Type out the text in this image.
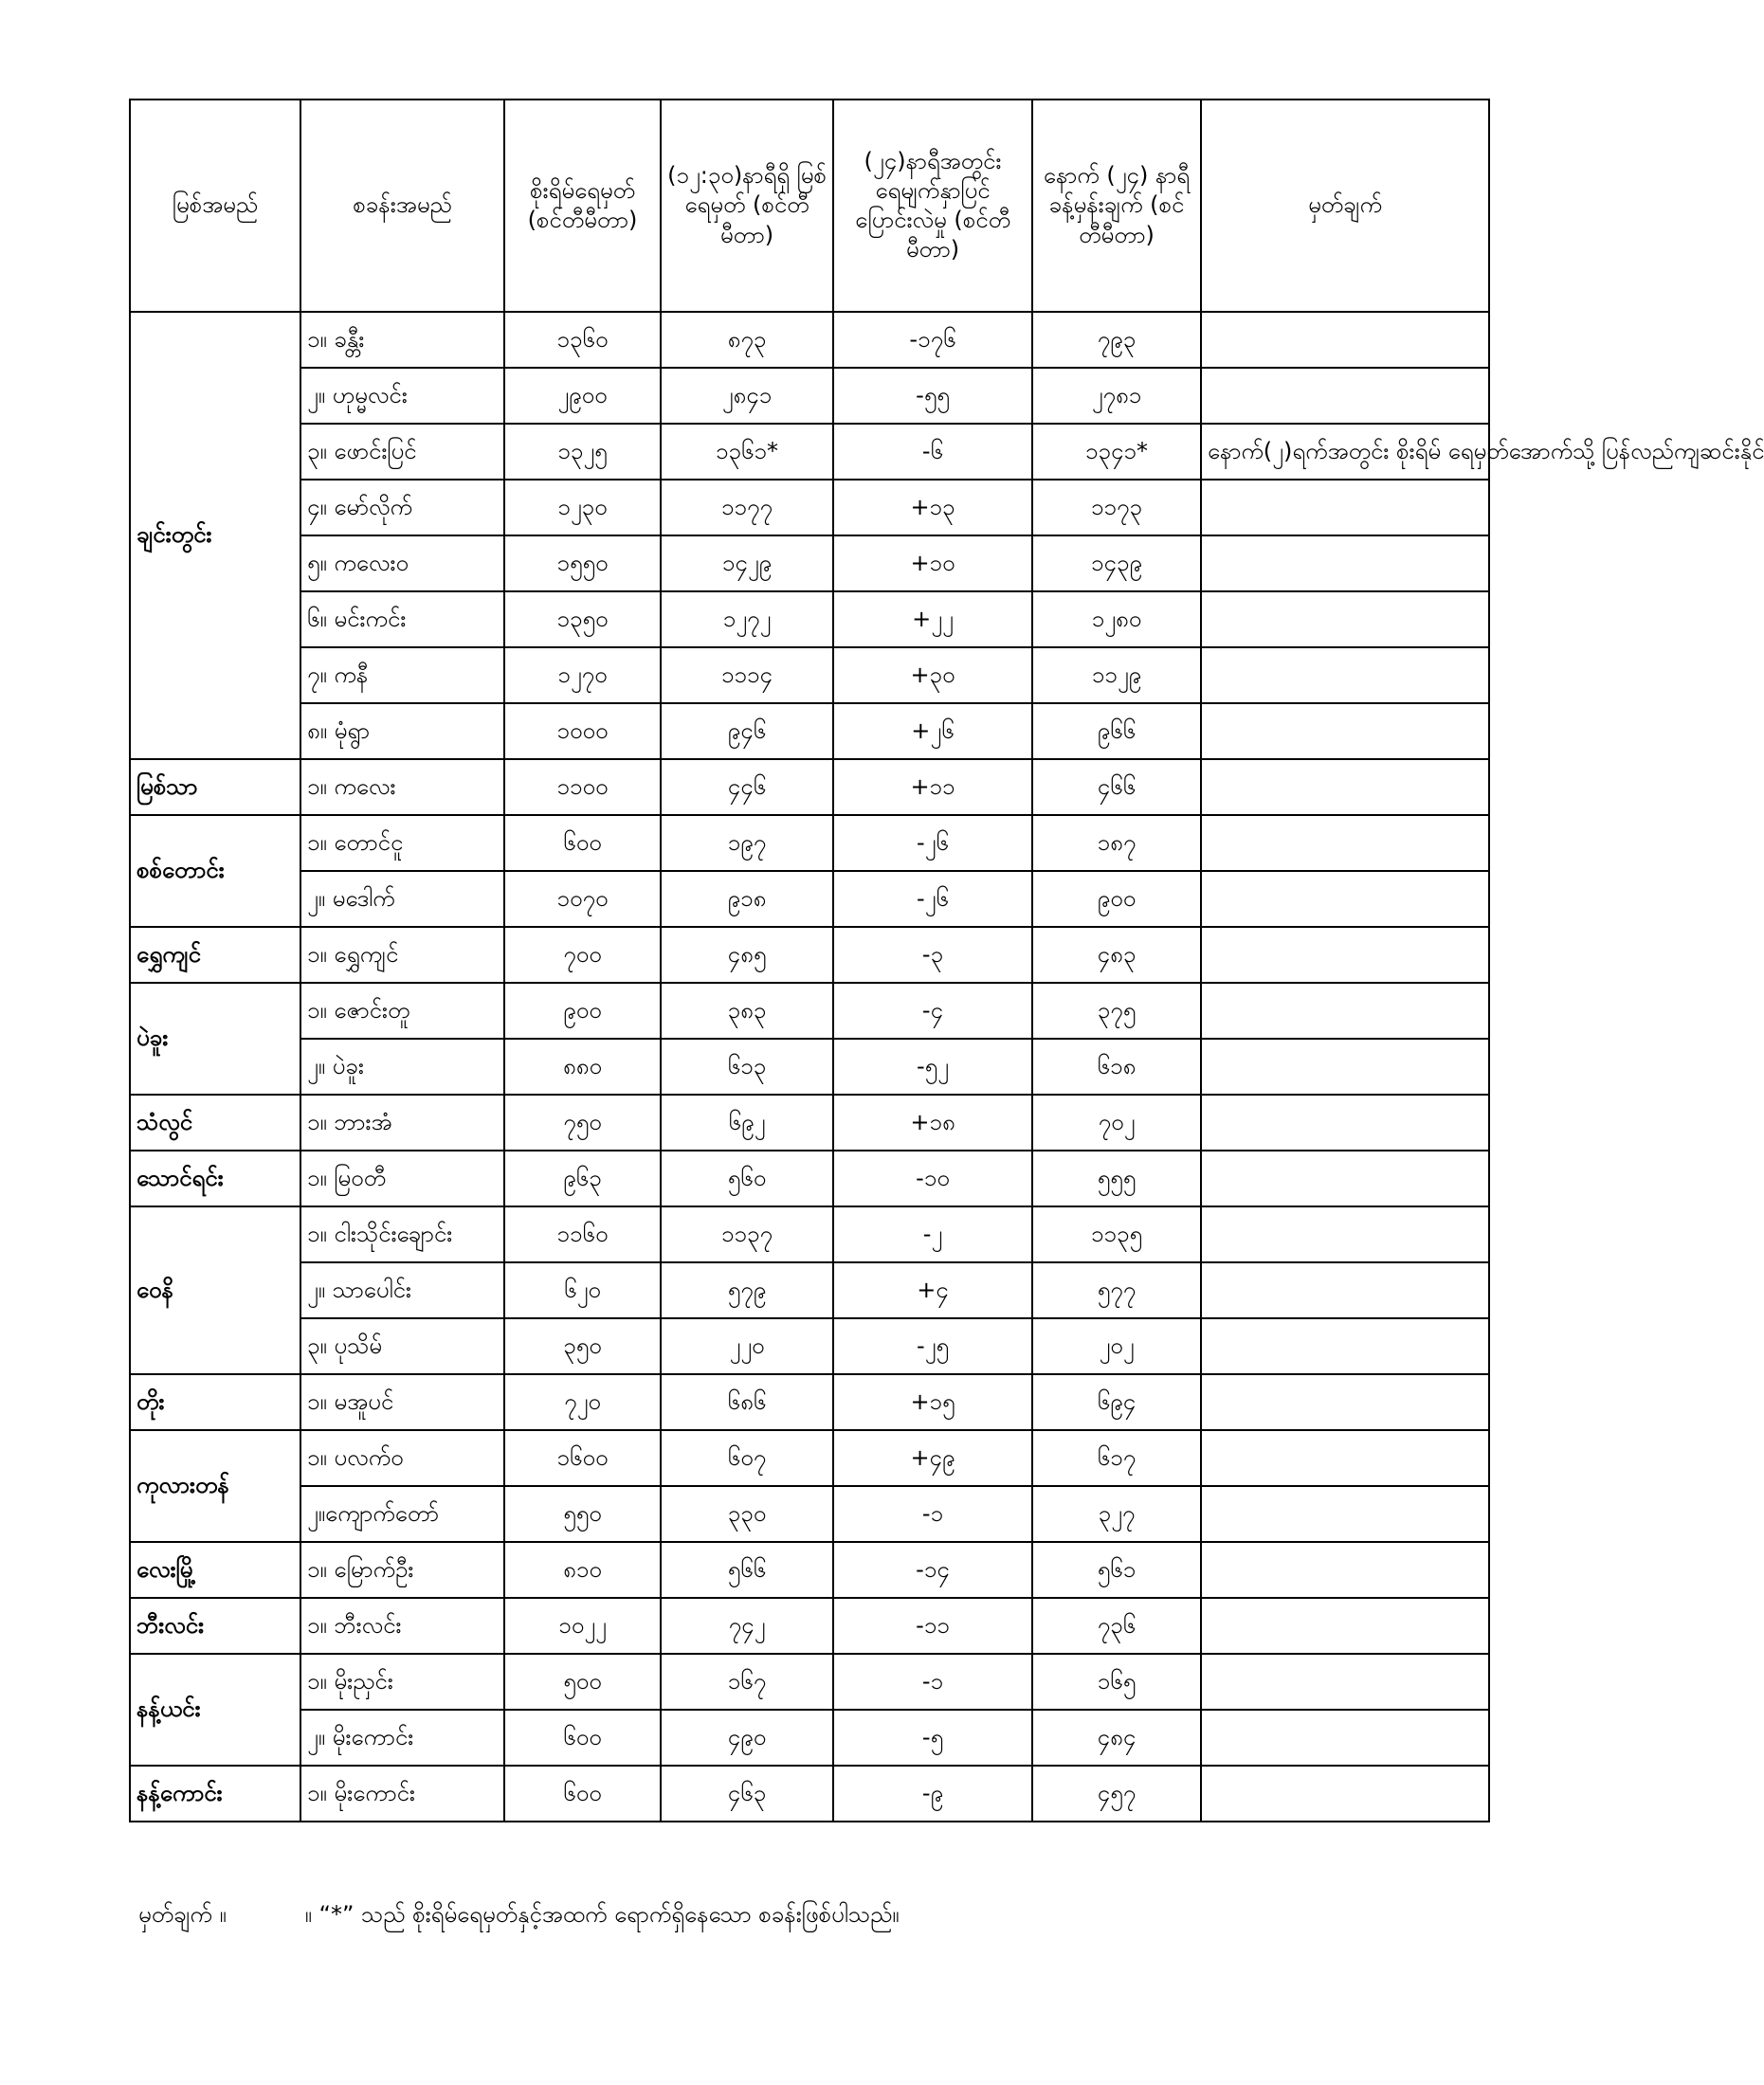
မြစ်အမည်	စခန်းအမည်	စိုးရိမ်ရေမှတ် (စင်တီမီတာ)	(၁၂:၃၀)နာရီရှိ မြစ်ရေမှတ် (စင်တီမီတာ)	(၂၄)နာရီအတွင်း ရေမျက်နှာပြင် ပြောင်းလဲမှု (စင်တီမီတာ)	နောက် (၂၄) နာရီ ခန့်မှန်းချက် (စင်တီမီတာ)	မှတ်ချက်
ချင်းတွင်း	၁။ ခန္တီး	၁၃၆၀	၈၇၃	-၁၇၆	၇၉၃	
	၂။ ဟုမ္မလင်း	၂၉၀၀	၂၈၄၁	-၅၅	၂၇၈၁	
	၃။ ဖောင်းပြင်	၁၃၂၅	၁၃၆၁*	-၆	၁၃၄၁*	နောက်(၂)ရက်အတွင်း စိုးရိမ် ရေမှတ်အောက်သို့ ပြန်လည်ကျဆင်းနိုင်
	၄။ မော်လိုက်	၁၂၃၀	၁၁၇၇	+၁၃	၁၁၇၃	
	၅။ ကလေးဝ	၁၅၅၀	၁၄၂၉	+၁၀	၁၄၃၉	
	၆။ မင်းကင်း	၁၃၅၀	၁၂၇၂	+၂၂	၁၂၈၀	
	၇။ ကနီ	၁၂၇၀	၁၁၁၄	+၃၀	၁၁၂၉	
	၈။ မုံရွာ	၁၀၀၀	၉၄၆	+၂၆	၉၆၆	
မြစ်သာ	၁။ ကလေး	၁၁၀၀	၄၄၆	+၁၁	၄၆၆	
စစ်တောင်း	၁။ တောင်ငူ	၆၀၀	၁၉၇	-၂၆	၁၈၇	
	၂။ မဒေါက်	၁၀၇၀	၉၁၈	-၂၆	၉၀၀	
ရွှေကျင်	၁။ ရွှေကျင်	၇၀၀	၄၈၅	-၃	၄၈၃	
ပဲခူး	၁။ ဇောင်းတူ	၉၀၀	၃၈၃	-၄	၃၇၅	
	၂။ ပဲခူး	၈၈၀	၆၁၃	-၅၂	၆၁၈	
သံလွင်	၁။ ဘားအံ	၇၅၀	၆၉၂	+၁၈	၇၀၂	
သောင်ရင်း	၁။ မြဝတီ	၉၆၃	၅၆၀	-၁၀	၅၅၅	
ဝေနိ	၁။ ငါးသိုင်းချောင်း	၁၁၆၀	၁၁၃၇	-၂	၁၁၃၅	
	၂။ သာပေါင်း	၆၂၀	၅၇၉	+၄	၅၇၇	
	၃။ ပုသိမ်	၃၅၀	၂၂၀	-၂၅	၂၀၂	
တိုး	၁။ မအူပင်	၇၂၀	၆၈၆	+၁၅	၆၉၄	
ကုလားတန်	၁။ ပလက်ဝ	၁၆၀၀	၆၀၇	+၄၉	၆၁၇	
	၂။ကျောက်တော်	၅၅၀	၃၃၀	-၁	၃၂၇	
လေးမြို့	၁။ မြောက်ဦး	၈၁၀	၅၆၆	-၁၄	၅၆၁	
ဘီးလင်း	၁။ ဘီးလင်း	၁၀၂၂	၇၄၂	-၁၁	၇၃၆	
နန့်ယင်း	၁။ မိုးညှင်း	၅၀၀	၁၆၇	-၁	၁၆၅	
	၂။ မိုးကောင်း	၆၀၀	၄၉၀	-၅	၄၈၄	
နန့်ကောင်း	၁။ မိုးကောင်း	၆၀၀	၄၆၃	-၉	၄၅၇	
မှတ်ချက် ။	။ “*” သည် စိုးရိမ်ရေမှတ်နှင့်အထက် ရောက်ရှိနေသော စခန်းဖြစ်ပါသည်။
